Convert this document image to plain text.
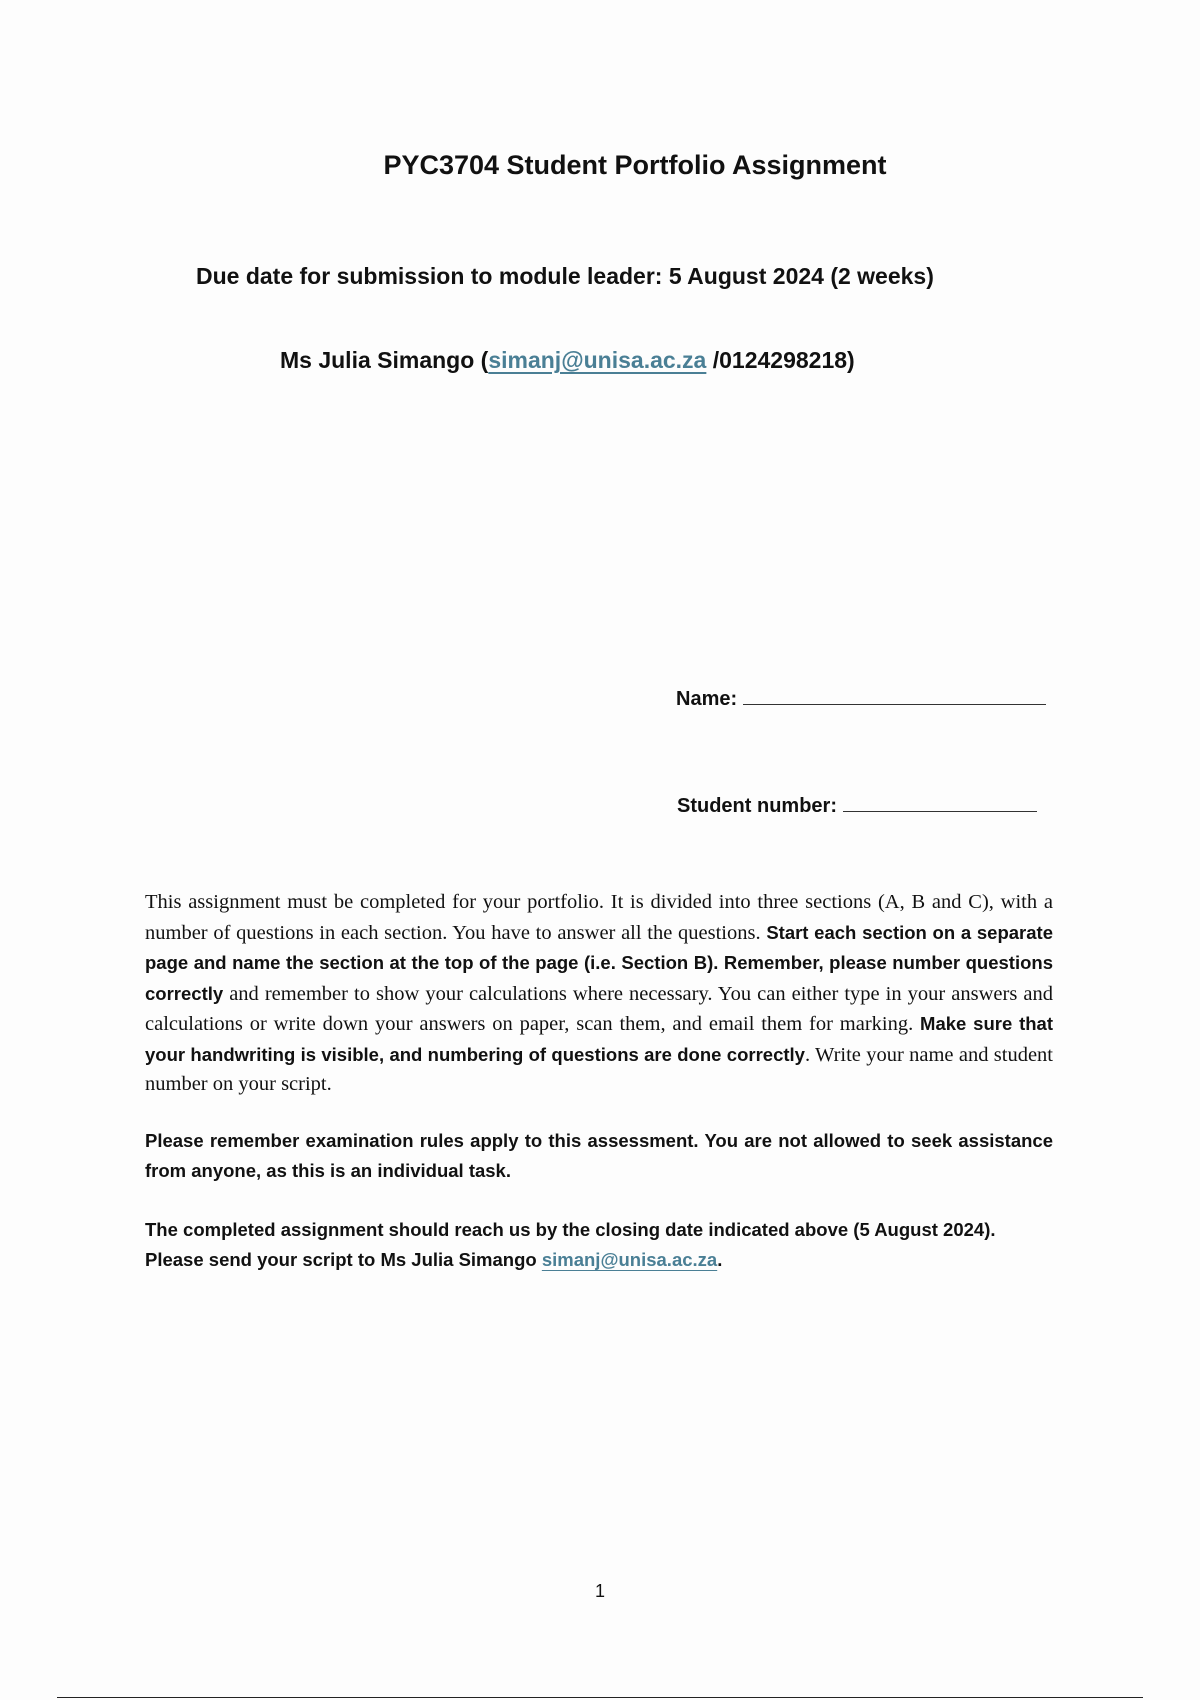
PYC3704 Student Portfolio Assignment
Due date for submission to module leader: 5 August 2024 (2 weeks)
Ms Julia Simango (simanj@unisa.ac.za /0124298218)
Name:
Student number:
This assignment must be completed for your portfolio. It is divided into three sections (A, B and C), with a number of questions in each section. You have to answer all the questions. Start each section on a separate page and name the section at the top of the page (i.e. Section B). Remember, please number questions correctly and remember to show your calculations where necessary. You can either type in your answers and calculations or write down your answers on paper, scan them, and email them for marking. Make sure that your handwriting is visible, and numbering of questions are done correctly. Write your name and student number on your script.
Please remember examination rules apply to this assessment. You are not allowed to seek assistance from anyone, as this is an individual task.
The completed assignment should reach us by the closing date indicated above (5 August 2024).
Please send your script to Ms Julia Simango simanj@unisa.ac.za.
1
